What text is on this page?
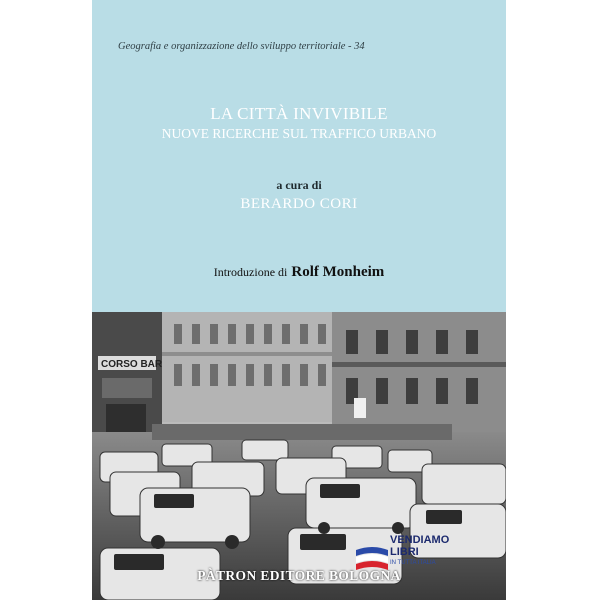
Geografia e organizzazione dello sviluppo territoriale - 34
LA CITTÀ INVIVIBILE
NUOVE RICERCHE SUL TRAFFICO URBANO
a cura di
BERARDO CORI
Introduzione di Rolf Monheim
CORSO BAR
PÀTRON EDITORE BOLOGNA
VENDIAMO
LIBRI
IN TUTTA ITALIA
